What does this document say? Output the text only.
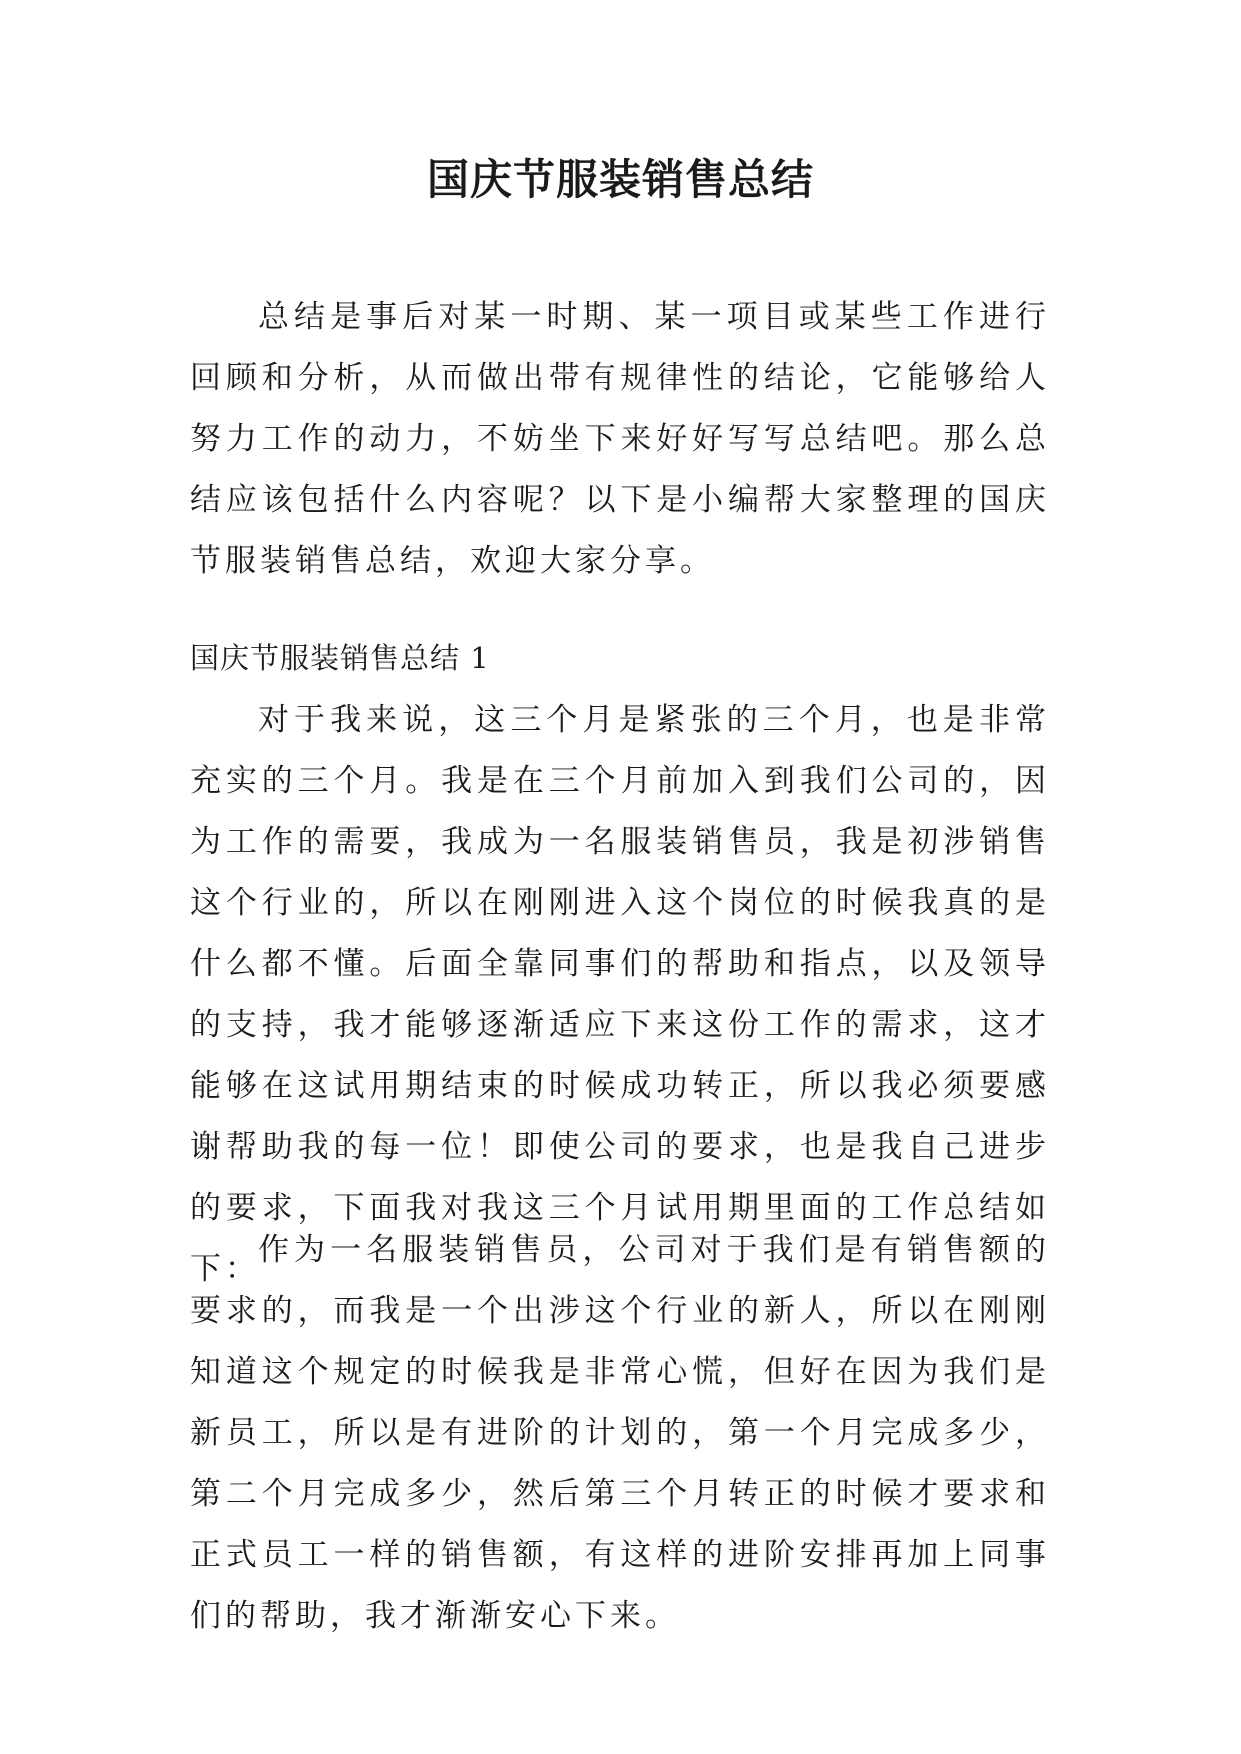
国庆节服装销售总结

总结是事后对某一时期、某一项目或某些工作进行回顾和分析，从而做出带有规律性的结论，它能够给人努力工作的动力，不妨坐下来好好写写总结吧。那么总结应该包括什么内容呢？以下是小编帮大家整理的国庆节服装销售总结，欢迎大家分享。

国庆节服装销售总结 1

对于我来说，这三个月是紧张的三个月，也是非常充实的三个月。我是在三个月前加入到我们公司的，因为工作的需要，我成为一名服装销售员，我是初涉销售这个行业的，所以在刚刚进入这个岗位的时候我真的是什么都不懂。后面全靠同事们的帮助和指点，以及领导的支持，我才能够逐渐适应下来这份工作的需求，这才能够在这试用期结束的时候成功转正，所以我必须要感谢帮助我的每一位！即使公司的要求，也是我自己进步的要求，下面我对我这三个月试用期里面的工作总结如下：

作为一名服装销售员，公司对于我们是有销售额的要求的，而我是一个出涉这个行业的新人，所以在刚刚知道这个规定的时候我是非常心慌，但好在因为我们是新员工，所以是有进阶的计划的，第一个月完成多少，第二个月完成多少，然后第三个月转正的时候才要求和正式员工一样的销售额，有这样的进阶安排再加上同事们的帮助，我才渐渐安心下来。
